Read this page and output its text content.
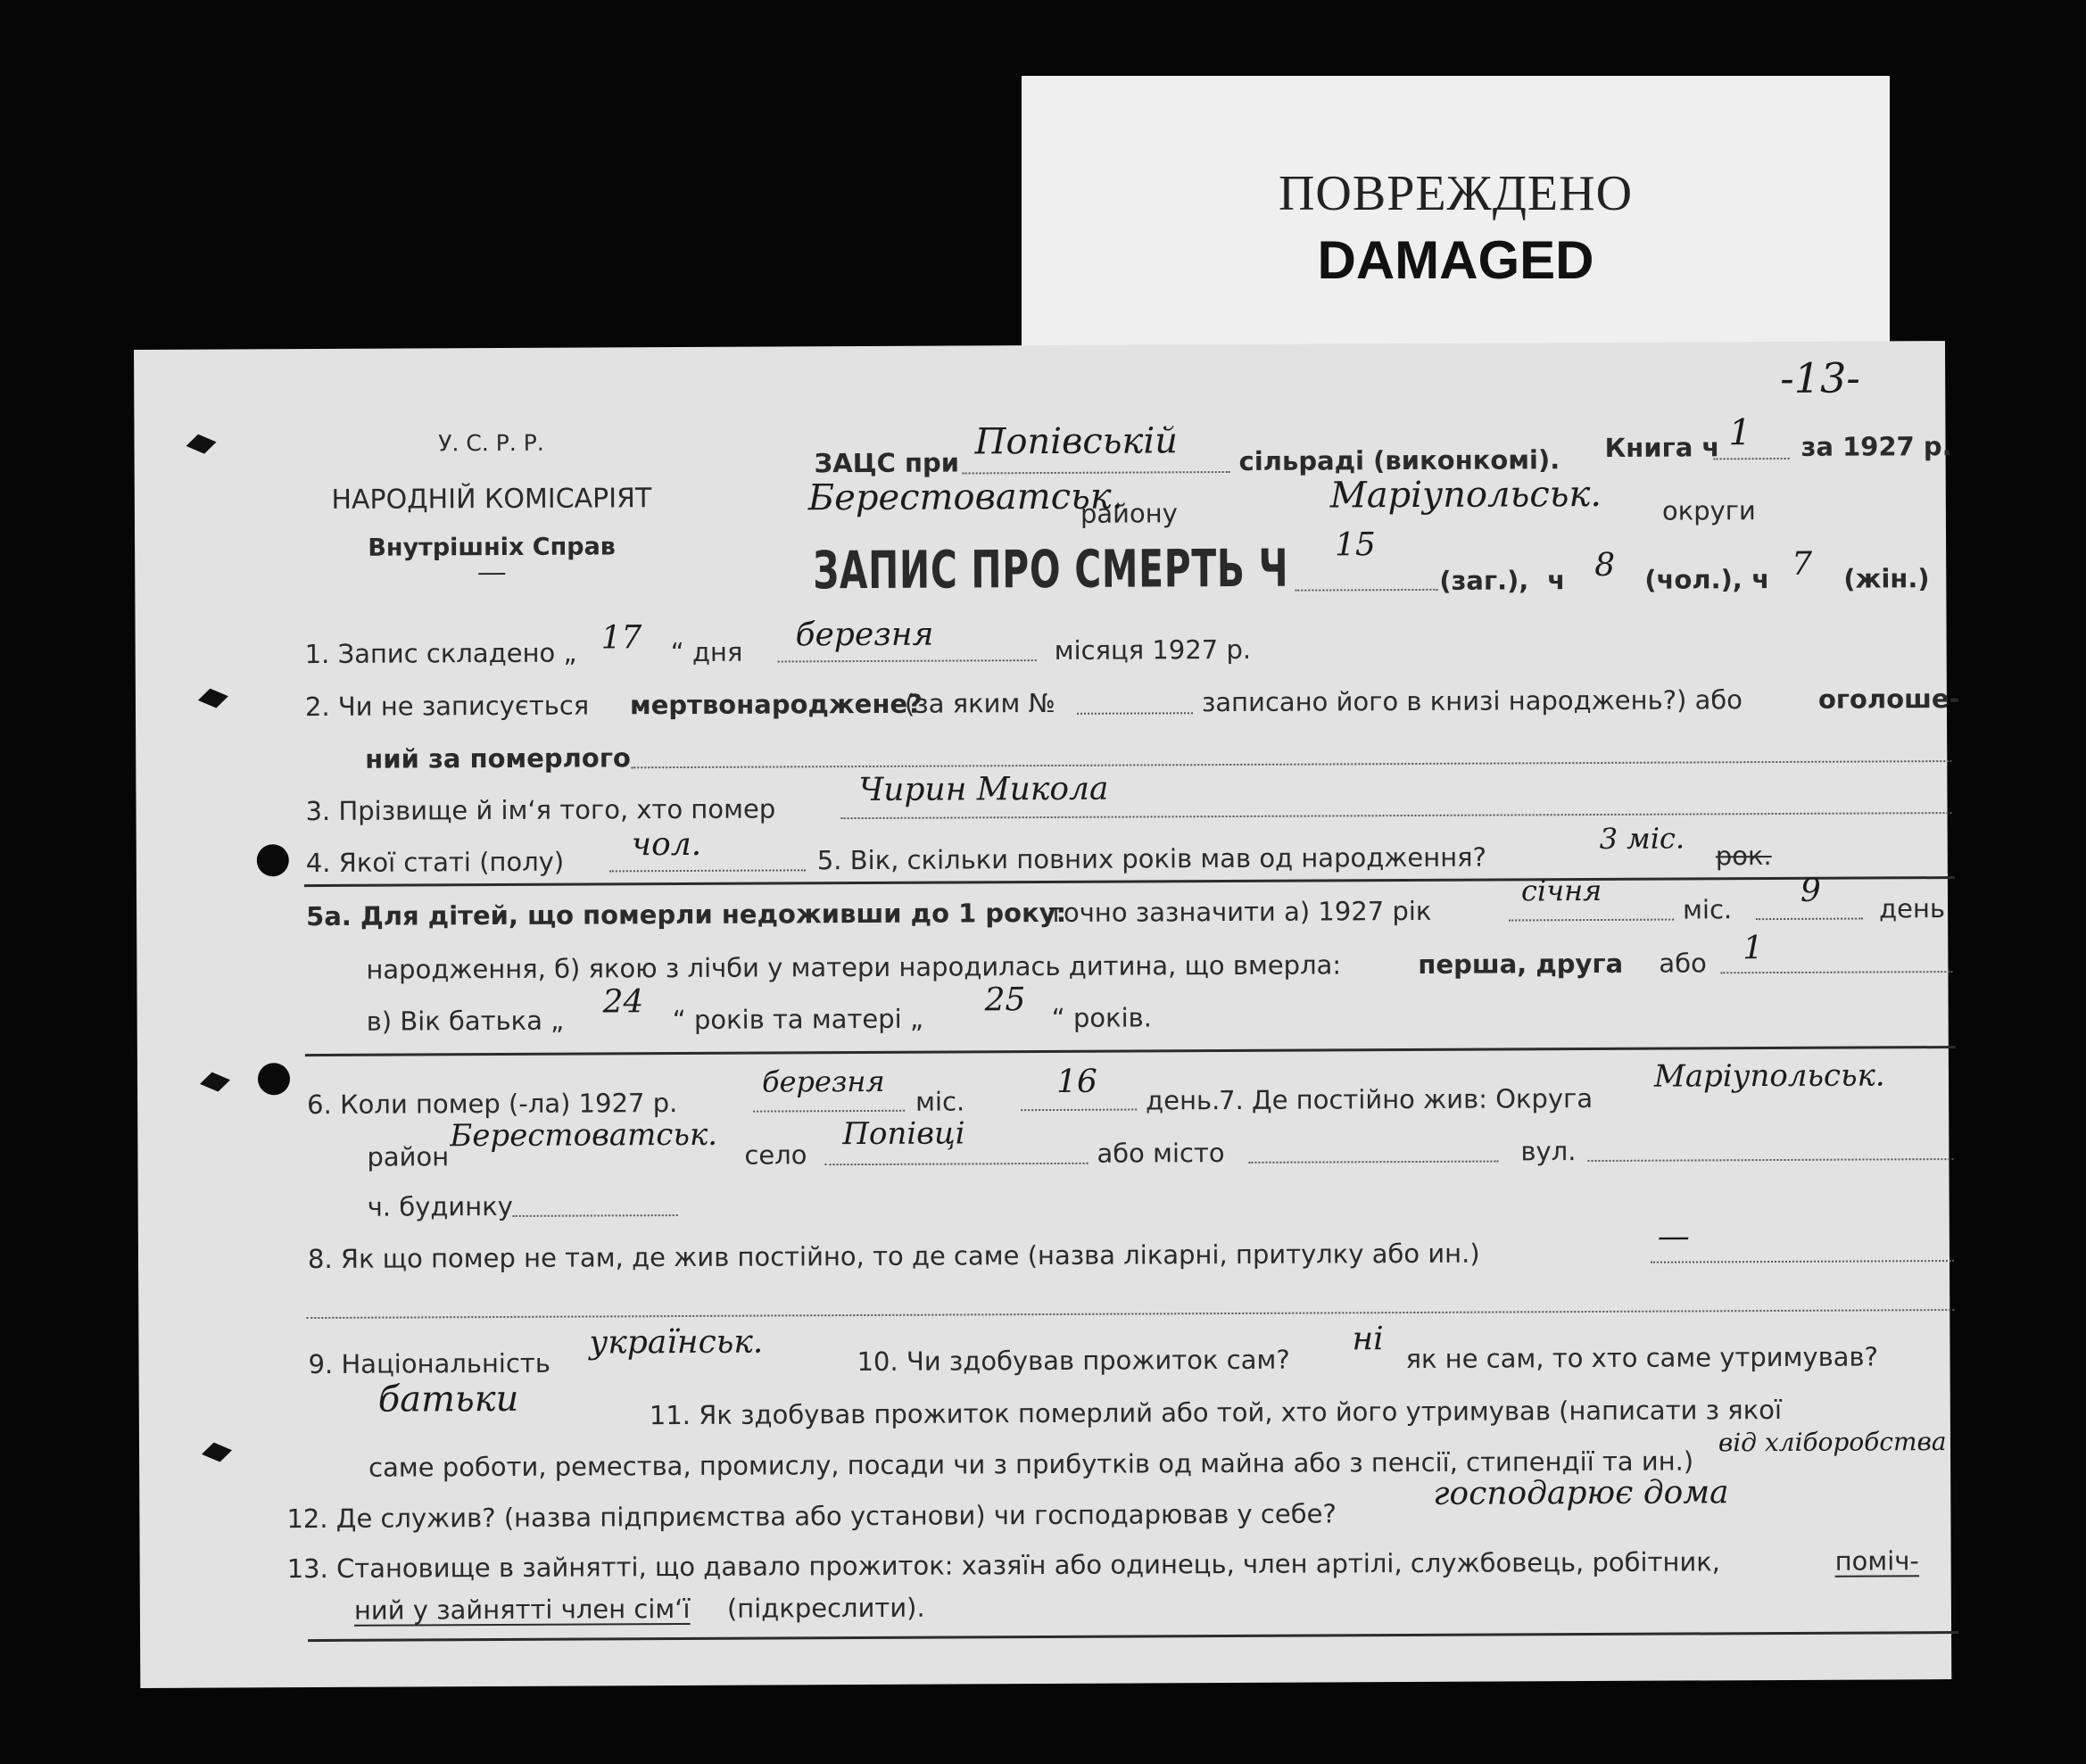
ПОВРЕЖДЕНО
DAMAGED
-13-
У. С. Р. Р.
НАРОДНІЙ КОМІСАРІЯТ
Внутрішніх Справ
ЗАЦС при
Попівській сільраді (виконкомі). Книга ч 1 за 1927 р.
Берестоватськ.
району	Маріупольськ. округи
ЗАПИС ПРО СМЕРТЬ Ч 15
(заг.), ч 8 (чол.), ч 7 (жін.)
1. Запис складено „ 17 “ дня березня	місяця 1927 р.
2. Чи не записується мертвонароджене?
(за яким №	записано його в книзі народжень?) або	оголоше-
ний за померлого
3. Прізвище й ім‘я того, хто помер
Чирин Микола
4. Якої статі (полу) чол.	5. Вік, скільки повних років мав од народження?
3 міс.
рок.
5а. Для дітей, що померли недоживши до 1 року:
точно зазначити а) 1927 рік
січня
міс.
9 день
народження, б) якою з лічби у матери народилась дитина, що вмерла:	перша, друга або 1
в) Вік батька „
24 “ років та матері „
25 “ років.
6. Коли помер (-ла) 1927 р.
березня
міс.
16
день.
7. Де постійно жив: Округа
Маріупольськ.
район
Берестоватськ.
село
Попівці
або місто	вул.
ч. будинку
8. Як що помер не там, де жив постійно, то де саме (назва лікарні, притулку або ин.)
—
9. Національність
українськ.	10. Чи здобував прожиток сам?
ні
як не сам, то хто саме утримував?
батьки	11. Як здобував прожиток померлий або той, хто його утримував (написати з якої
саме роботи, ремества, промислу, посади чи з прибутків од майна або з пенсії, стипендії та ин.)
від хліборобства
12. Де служив? (назва підприємства або установи) чи господарював у себе?
господарює дома
13. Становище в зайнятті, що давало прожиток: хазяїн або одинець, член артілі, службовець, робітник,	поміч-
ний у зайнятті член сім‘ї (підкреслити).
